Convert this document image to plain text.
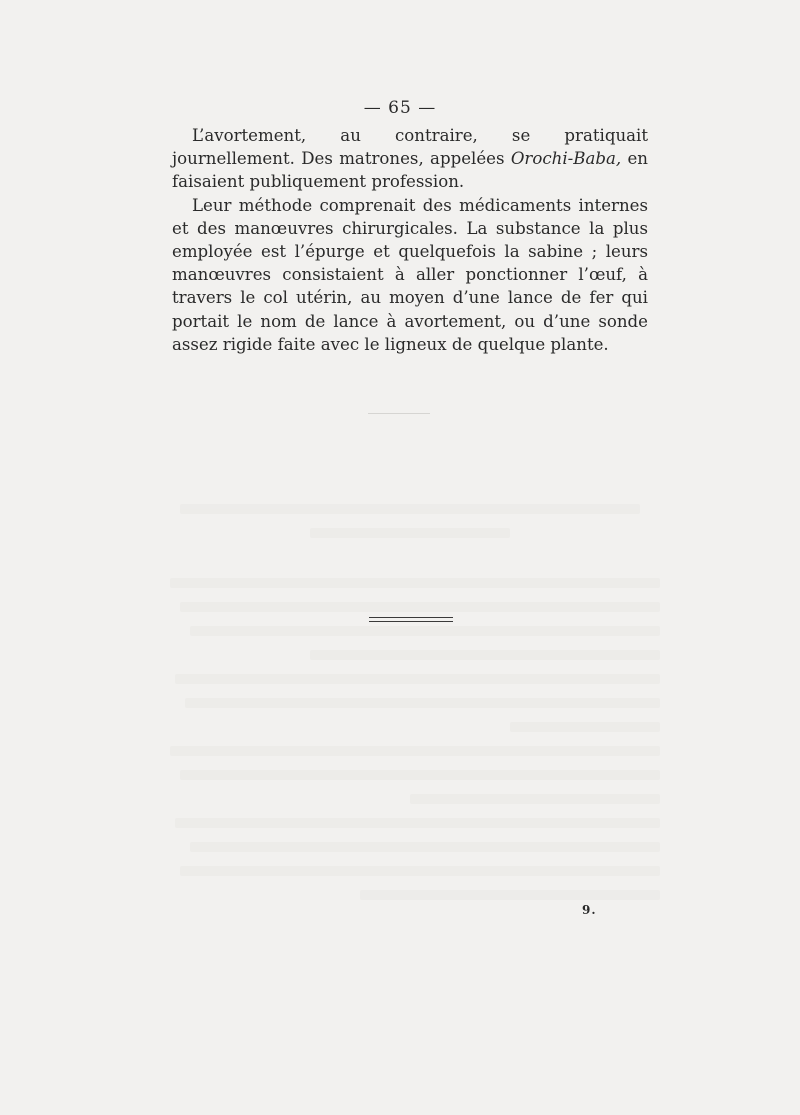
— 65 —

L’avortement, au contraire, se pratiquait journellement. Des matrones, appelées Orochi-Baba, en faisaient publiquement profession.

Leur méthode comprenait des médicaments internes et des manœuvres chirurgicales. La substance la plus employée est l’épurge et quelquefois la sabine ; leurs manœuvres consistaient à aller ponctionner l’œuf, à travers le col utérin, au moyen d’une lance de fer qui portait le nom de lance à avortement, ou d’une sonde assez rigide faite avec le ligneux de quelque plante.

9.
